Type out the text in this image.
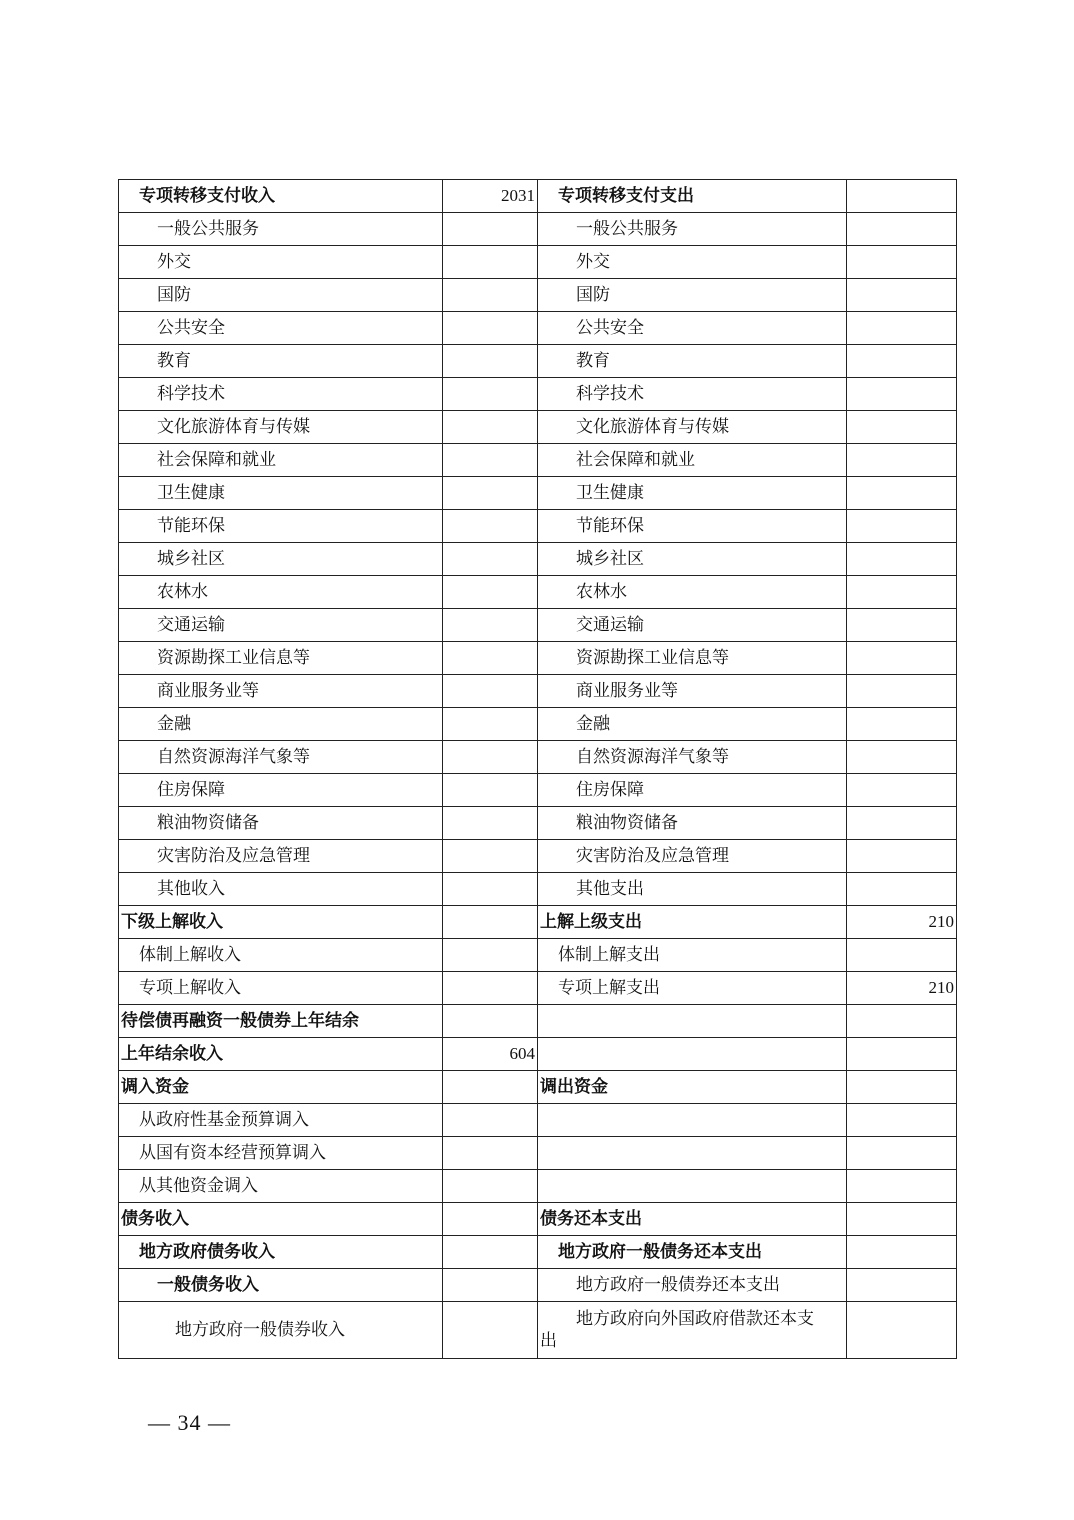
专项转移支付收入	2031	专项转移支付支出	
一般公共服务		一般公共服务	
外交		外交	
国防		国防	
公共安全		公共安全	
教育		教育	
科学技术		科学技术	
文化旅游体育与传媒		文化旅游体育与传媒	
社会保障和就业		社会保障和就业	
卫生健康		卫生健康	
节能环保		节能环保	
城乡社区		城乡社区	
农林水		农林水	
交通运输		交通运输	
资源勘探工业信息等		资源勘探工业信息等	
商业服务业等		商业服务业等	
金融		金融	
自然资源海洋气象等		自然资源海洋气象等	
住房保障		住房保障	
粮油物资储备		粮油物资储备	
灾害防治及应急管理		灾害防治及应急管理	
其他收入		其他支出	
下级上解收入		上解上级支出	210
体制上解收入		体制上解支出	
专项上解收入		专项上解支出	210
待偿债再融资一般债券上年结余			
上年结余收入	604		
调入资金		调出资金	
从政府性基金预算调入			
从国有资本经营预算调入			
从其他资金调入			
债务收入		债务还本支出	
地方政府债务收入		地方政府一般债务还本支出	
一般债务收入		地方政府一般债券还本支出	
地方政府一般债券收入		地方政府向外国政府借款还本支
出	

— 34 —
